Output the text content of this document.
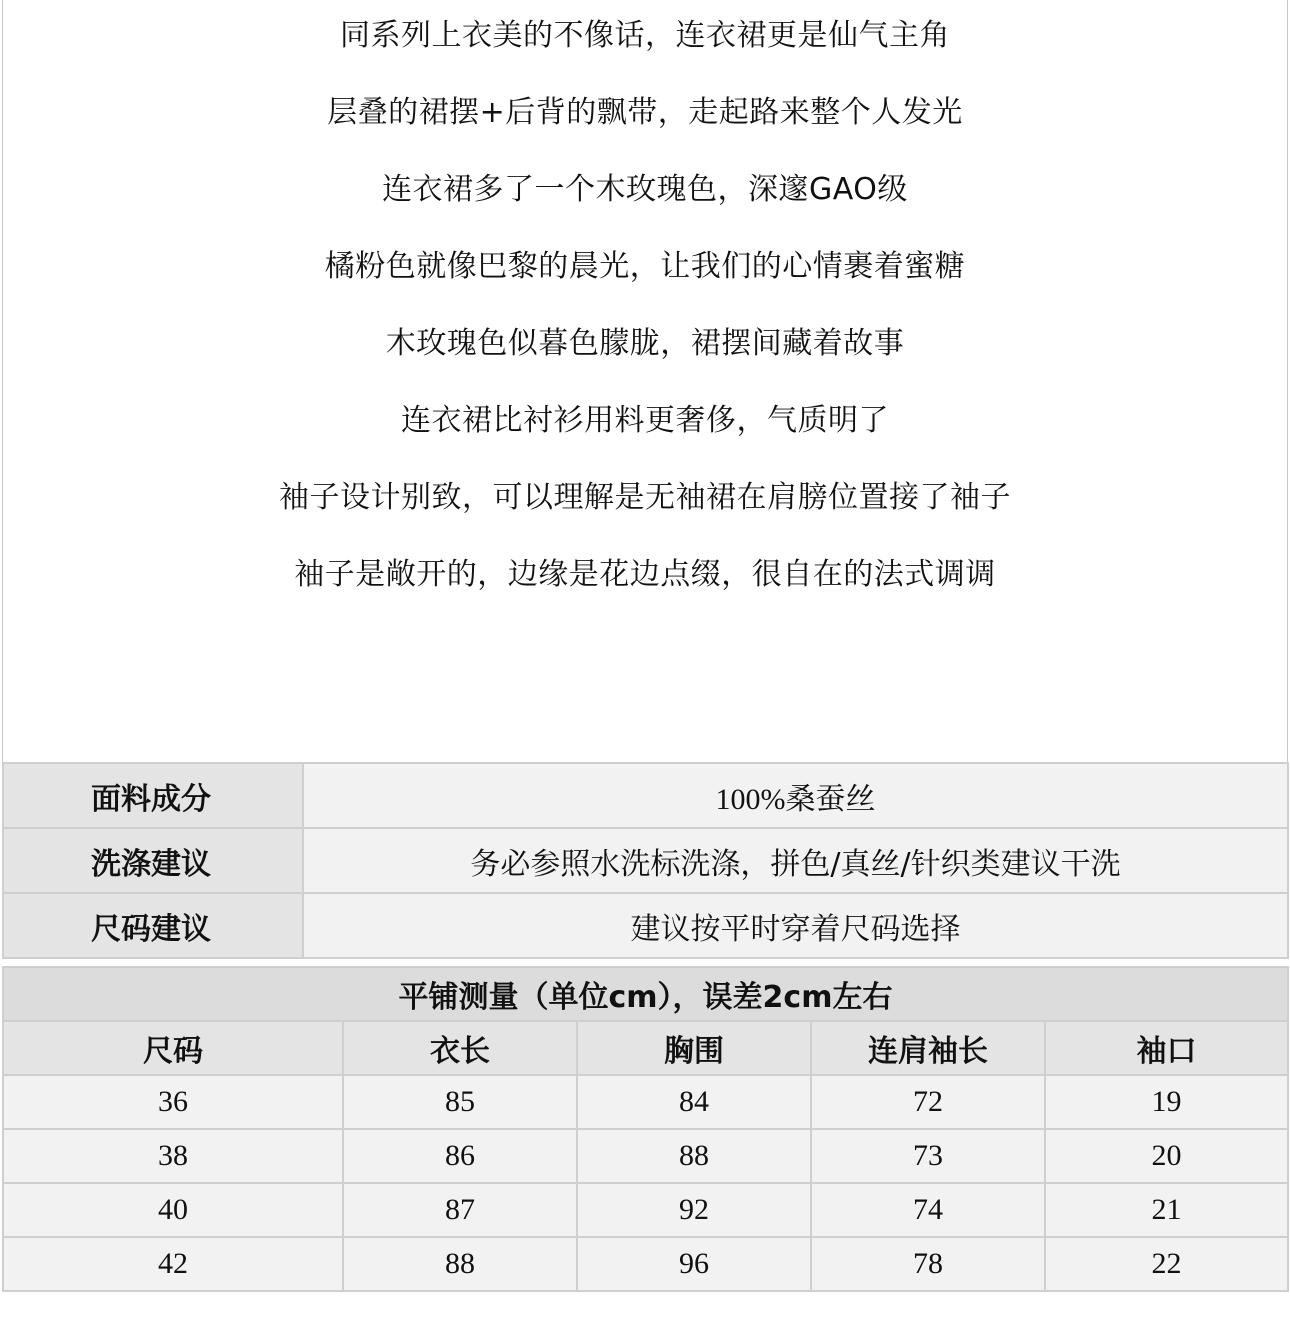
同系列上衣美的不像话，连衣裙更是仙气主角
层叠的裙摆+后背的飘带，走起路来整个人发光
连衣裙多了一个木玫瑰色，深邃GAO级
橘粉色就像巴黎的晨光，让我们的心情裹着蜜糖
木玫瑰色似暮色朦胧，裙摆间藏着故事
连衣裙比衬衫用料更奢侈，气质明了
袖子设计别致，可以理解是无袖裙在肩膀位置接了袖子
袖子是敞开的，边缘是花边点缀，很自在的法式调调
面料成分	100%桑蚕丝
洗涤建议	务必参照水洗标洗涤，拼色/真丝/针织类建议干洗
尺码建议	建议按平时穿着尺码选择
平铺测量（单位cm），误差2cm左右				
尺码	衣长	胸围	连肩袖长	袖口
36	85	84	72	19
38	86	88	73	20
40	87	92	74	21
42	88	96	78	22
